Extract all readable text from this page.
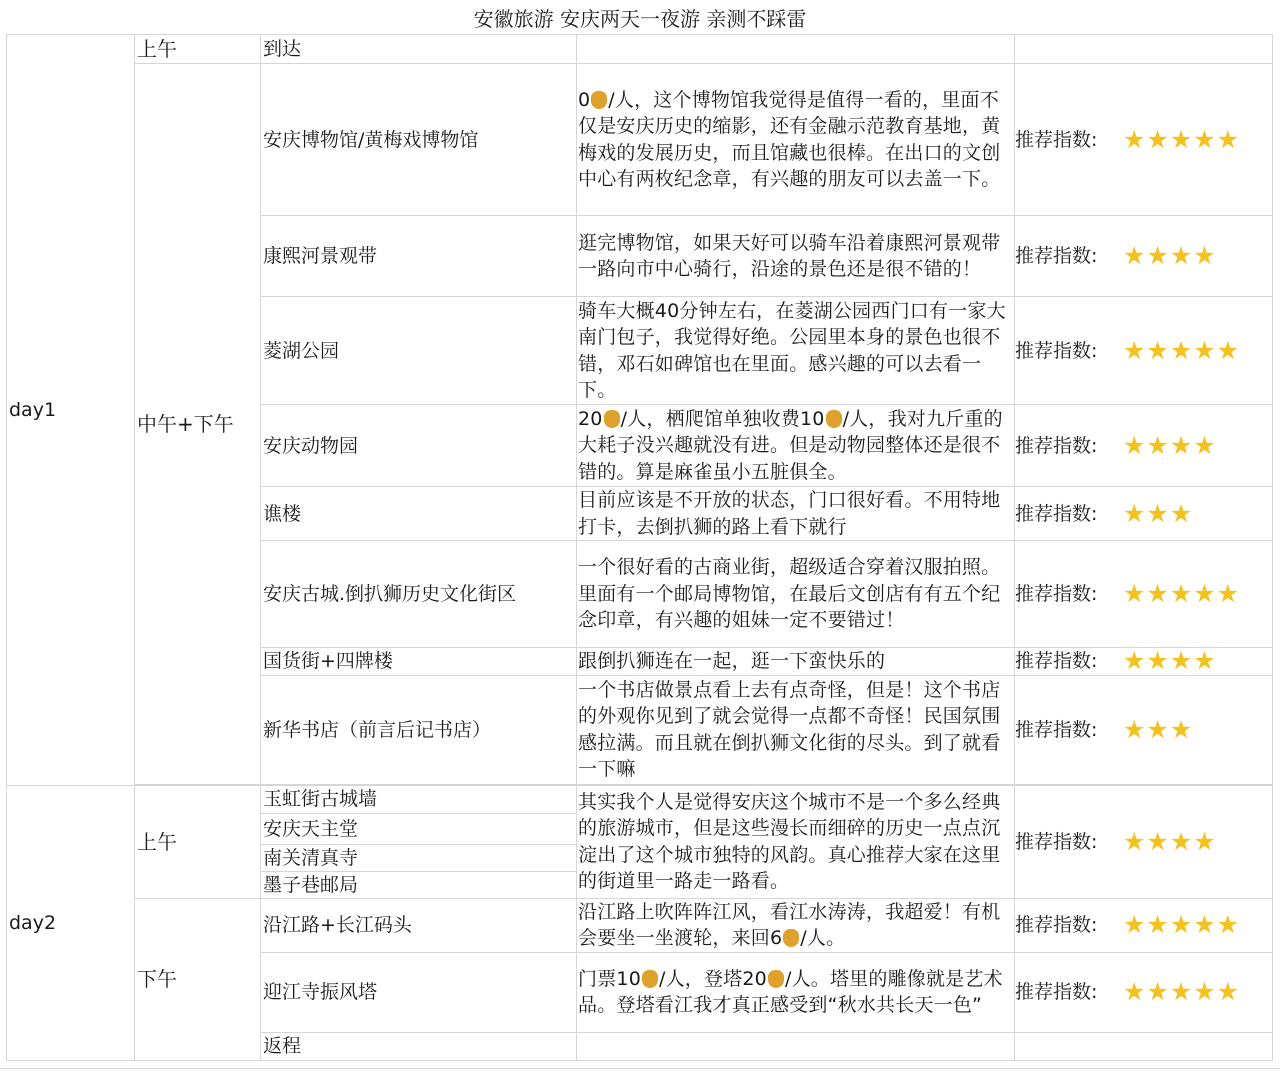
安徽旅游 安庆两天一夜游 亲测不踩雷
day1	上午	到达		
	中午+下午	安庆博物馆/黄梅戏博物馆	0 /人，这个博物馆我觉得是值得一看的，里面不仅是安庆历史的缩影，还有金融示范教育基地，黄梅戏的发展历史，而且馆藏也很棒。在出口的文创中心有两枚纪念章，有兴趣的朋友可以去盖一下。	推荐指数: ★★★★★
		康熙河景观带	逛完博物馆，如果天好可以骑车沿着康熙河景观带一路向市中心骑行，沿途的景色还是很不错的！	推荐指数: ★★★★
		菱湖公园	骑车大概40分钟左右，在菱湖公园西门口有一家大南门包子，我觉得好绝。公园里本身的景色也很不错，邓石如碑馆也在里面。感兴趣的可以去看一下。	推荐指数: ★★★★★
		安庆动物园	20 /人，栖爬馆单独收费10 /人，我对九斤重的大耗子没兴趣就没有进。但是动物园整体还是很不错的。算是麻雀虽小五脏俱全。	推荐指数: ★★★★
		谯楼	目前应该是不开放的状态，门口很好看。不用特地打卡，去倒扒狮的路上看下就行	推荐指数: ★★★
		安庆古城.倒扒狮历史文化街区	一个很好看的古商业街，超级适合穿着汉服拍照。里面有一个邮局博物馆，在最后文创店有有五个纪念印章，有兴趣的姐妹一定不要错过！	推荐指数: ★★★★★
		国货街+四牌楼	跟倒扒狮连在一起，逛一下蛮快乐的	推荐指数: ★★★★
		新华书店（前言后记书店）	一个书店做景点看上去有点奇怪，但是！这个书店的外观你见到了就会觉得一点都不奇怪！民国氛围感拉满。而且就在倒扒狮文化街的尽头。到了就看一下嘛	推荐指数: ★★★

day2	上午	玉虹街古城墙	其实我个人是觉得安庆这个城市不是一个多么经典的旅游城市，但是这些漫长而细碎的历史一点点沉淀出了这个城市独特的风韵。真心推荐大家在这里的街道里一路走一路看。	推荐指数: ★★★★
		安庆天主堂		
		南关清真寺		
		墨子巷邮局		
	下午	沿江路+长江码头	沿江路上吹阵阵江风，看江水涛涛，我超爱！有机会要坐一坐渡轮，来回6 /人。	推荐指数: ★★★★★
		迎江寺振风塔	门票10 /人，登塔20 /人。塔里的雕像就是艺术品。登塔看江我才真正感受到“秋水共长天一色”	推荐指数: ★★★★★
		返程		
